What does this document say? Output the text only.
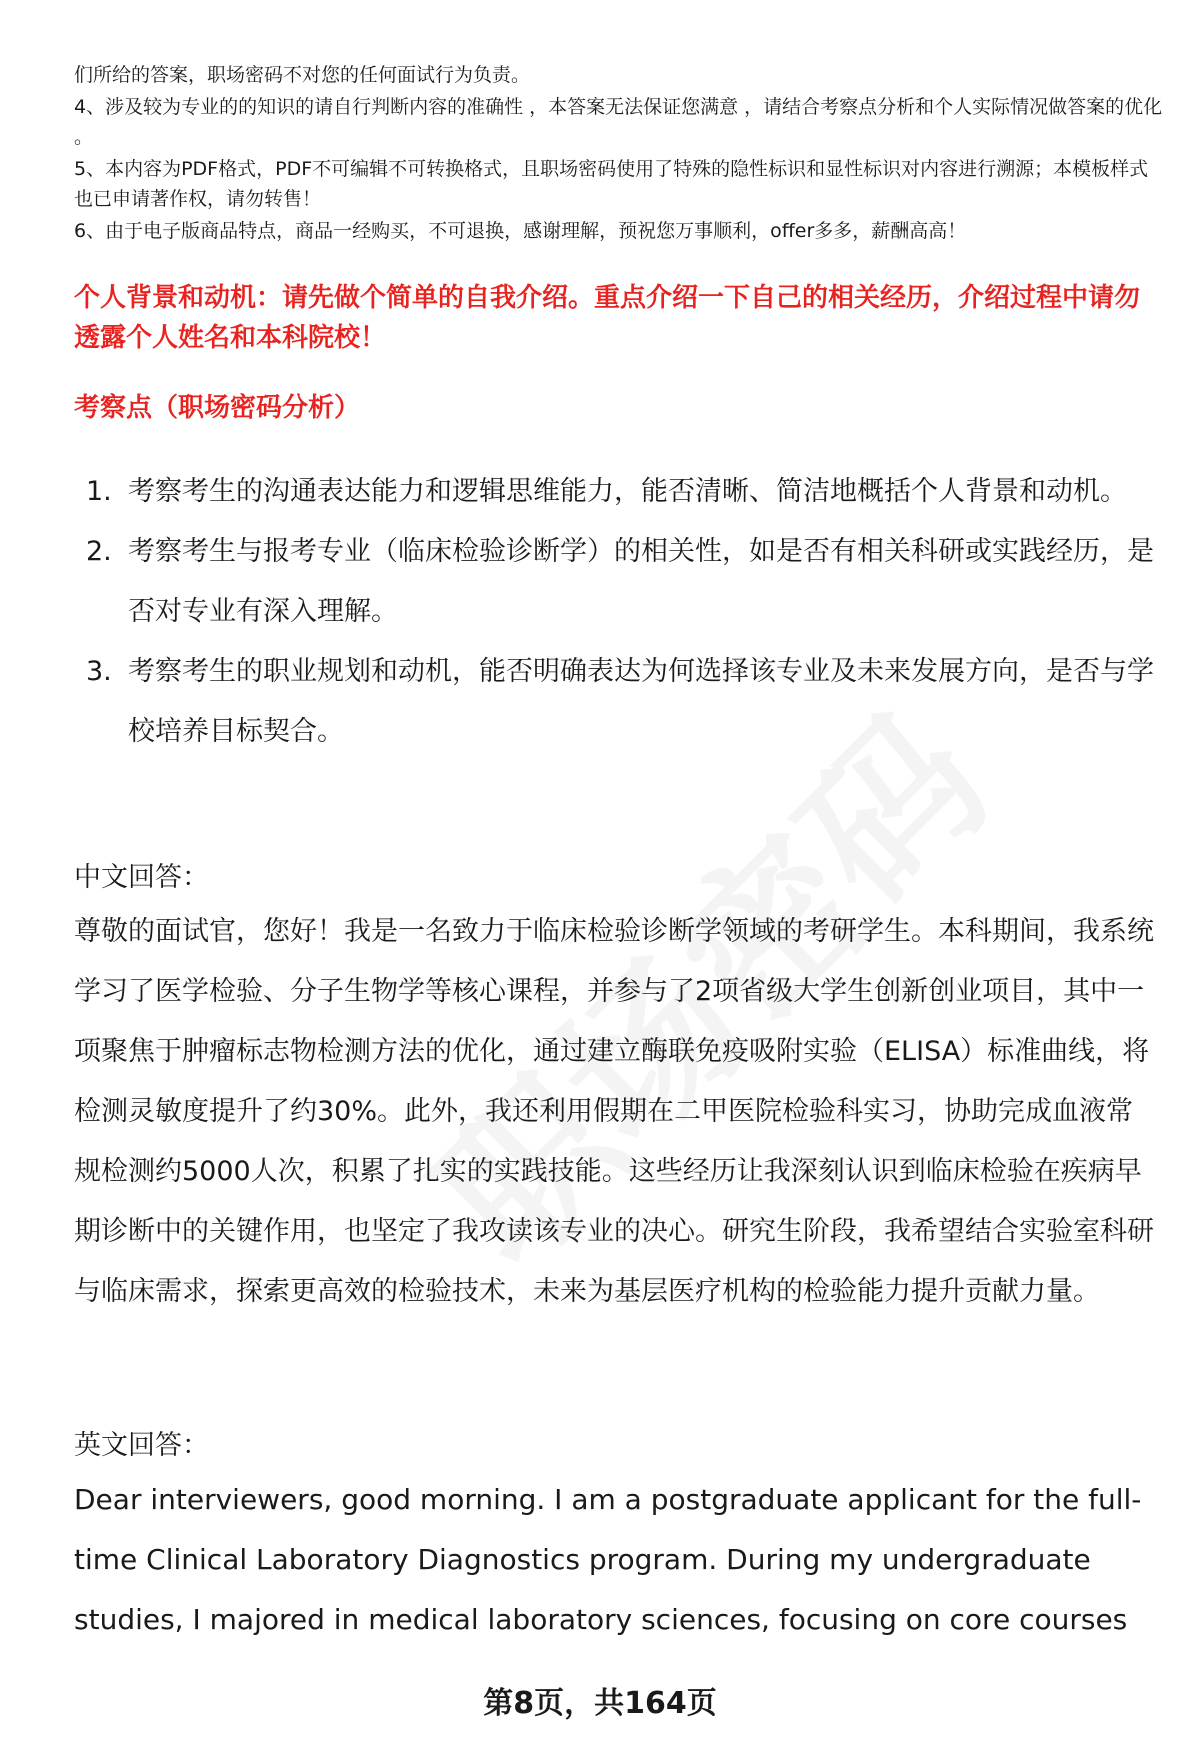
们所给的答案，职场密码不对您的任何面试行为负责。
4、涉及较为专业的的知识的请自行判断内容的准确性 ，本答案无法保证您满意 ，请结合考察点分析和个人实际情况做答案的优化 。
5、本内容为PDF格式，PDF不可编辑不可转换格式，且职场密码使用了特殊的隐性标识和显性标识对内容进行溯源；本模板样式也已申请著作权，请勿转售！
6、由于电子版商品特点，商品一经购买，不可退换，感谢理解，预祝您万事顺利，offer多多，薪酬高高！
个人背景和动机：请先做个简单的自我介绍。重点介绍一下自己的相关经历，介绍过程中请勿透露个人姓名和本科院校！
考察点（职场密码分析）
1. 考察考生的沟通表达能力和逻辑思维能力，能否清晰、简洁地概括个人背景和动机。
2. 考察考生与报考专业（临床检验诊断学）的相关性，如是否有相关科研或实践经历，是否对专业有深入理解。
3. 考察考生的职业规划和动机，能否明确表达为何选择该专业及未来发展方向，是否与学校培养目标契合。
中文回答：
尊敬的面试官，您好！我是一名致力于临床检验诊断学领域的考研学生。本科期间，我系统学习了医学检验、分子生物学等核心课程，并参与了2项省级大学生创新创业项目，其中一项聚焦于肿瘤标志物检测方法的优化，通过建立酶联免疫吸附实验（ELISA）标准曲线，将检测灵敏度提升了约30%。此外，我还利用假期在二甲医院检验科实习，协助完成血液常规检测约5000人次，积累了扎实的实践技能。这些经历让我深刻认识到临床检验在疾病早期诊断中的关键作用，也坚定了我攻读该专业的决心。研究生阶段，我希望结合实验室科研与临床需求，探索更高效的检验技术，未来为基层医疗机构的检验能力提升贡献力量。
英文回答：
Dear interviewers, good morning. I am a postgraduate applicant for the full-time Clinical Laboratory Diagnostics program. During my undergraduate studies, I majored in medical laboratory sciences, focusing on core courses
第8页，共164页
